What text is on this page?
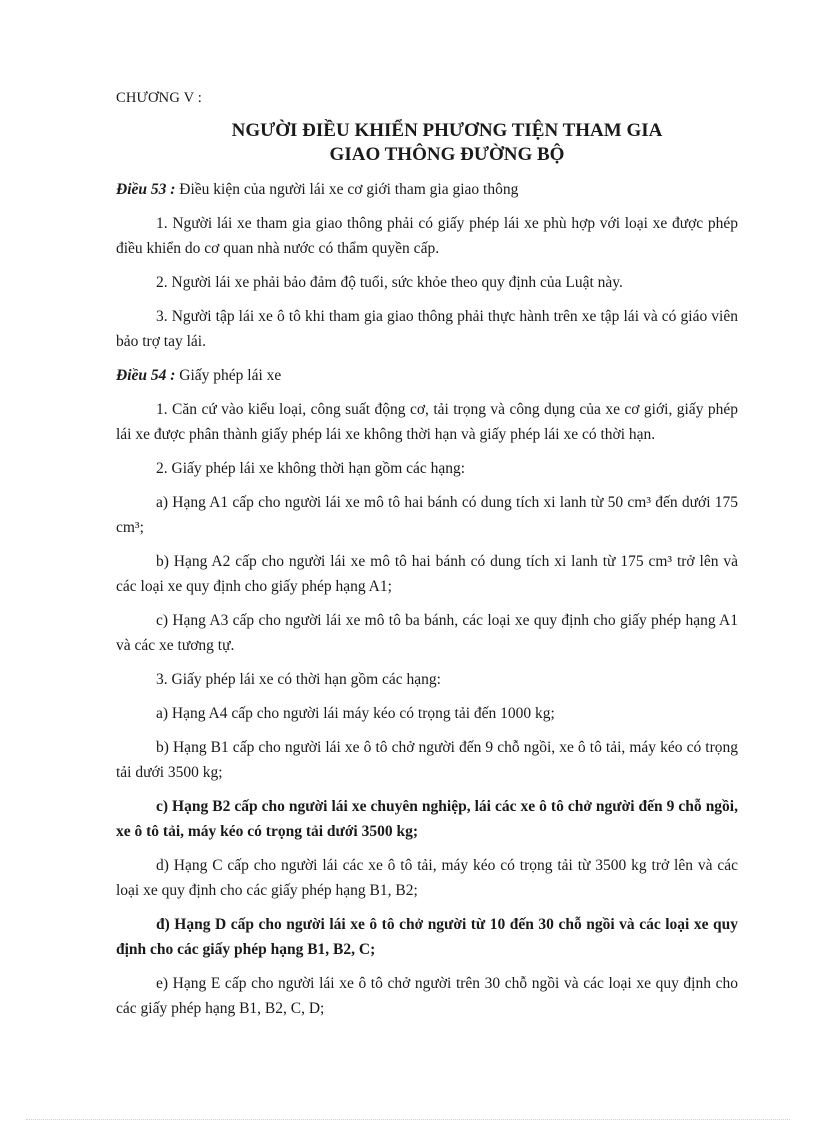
CHƯƠNG V :
NGƯỜI ĐIỀU KHIỂN PHƯƠNG TIỆN THAM GIA
GIAO THÔNG ĐƯỜNG BỘ
Điều 53 : Điều kiện của người lái xe cơ giới tham gia giao thông

1. Người lái xe tham gia giao thông phải có giấy phép lái xe phù hợp với loại xe được phép điều khiển do cơ quan nhà nước có thẩm quyền cấp.

2. Người lái xe phải bảo đảm độ tuổi, sức khỏe theo quy định của Luật này.

3. Người tập lái xe ô tô khi tham gia giao thông phải thực hành trên xe tập lái và có giáo viên bảo trợ tay lái.

Điều 54 : Giấy phép lái xe

1. Căn cứ vào kiểu loại, công suất động cơ, tải trọng và công dụng của xe cơ giới, giấy phép lái xe được phân thành giấy phép lái xe không thời hạn và giấy phép lái xe có thời hạn.

2. Giấy phép lái xe không thời hạn gồm các hạng:

a) Hạng A1 cấp cho người lái xe mô tô hai bánh có dung tích xi lanh từ 50 cm³ đến dưới 175 cm³;

b) Hạng A2 cấp cho người lái xe mô tô hai bánh có dung tích xi lanh từ 175 cm³ trở lên và các loại xe quy định cho giấy phép hạng A1;

c) Hạng A3 cấp cho người lái xe mô tô ba bánh, các loại xe quy định cho giấy phép hạng A1 và các xe tương tự.

3. Giấy phép lái xe có thời hạn gồm các hạng:

a) Hạng A4 cấp cho người lái máy kéo có trọng tải đến 1000 kg;

b) Hạng B1 cấp cho người lái xe ô tô chở người đến 9 chỗ ngồi, xe ô tô tải, máy kéo có trọng tải dưới 3500 kg;

c) Hạng B2 cấp cho người lái xe chuyên nghiệp, lái các xe ô tô chở người đến 9 chỗ ngồi, xe ô tô tải, máy kéo có trọng tải dưới 3500 kg;

d) Hạng C cấp cho người lái các xe ô tô tải, máy kéo có trọng tải từ 3500 kg trở lên và các loại xe quy định cho các giấy phép hạng B1, B2;

đ) Hạng D cấp cho người lái xe ô tô chở người từ 10 đến 30 chỗ ngồi và các loại xe quy định cho các giấy phép hạng B1, B2, C;

e) Hạng E cấp cho người lái xe ô tô chở người trên 30 chỗ ngồi và các loại xe quy định cho các giấy phép hạng B1, B2, C, D;
